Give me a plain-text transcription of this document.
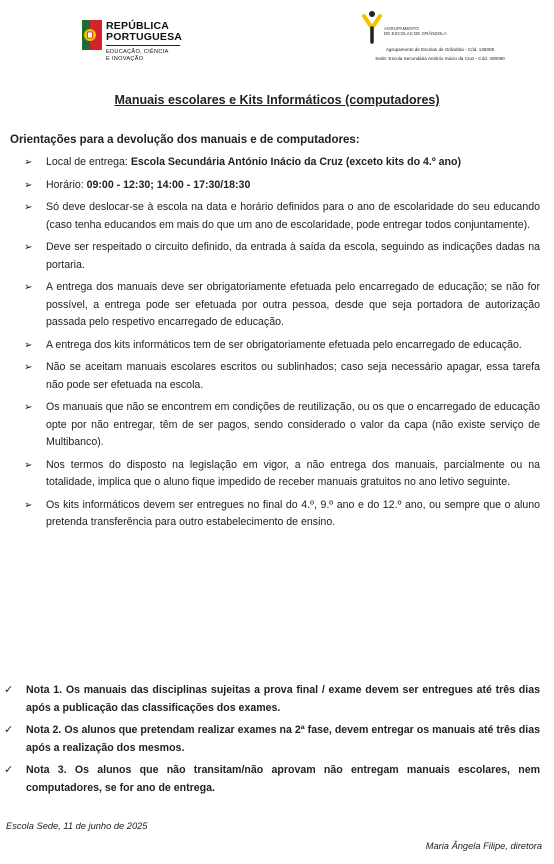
REPÚBLICA
PORTUGUESA
EDUCAÇÃO, CIÊNCIA
E INOVAÇÃO
AGRUPAMENTO
DE ESCOLAS DE GRÂNDOLA
Agrupamento de Escolas de Grândola - Cód. 135008
Sede: Escola Secundária António Inácio da Cruz - Cód. 400090
Manuais escolares e Kits Informáticos (computadores)
Orientações para a devolução dos manuais e de computadores:
➢	Local de entrega: Escola Secundária António Inácio da Cruz (exceto kits do 4.º ano)
➢	Horário: 09:00 - 12:30; 14:00 - 17:30/18:30
➢	Só deve deslocar-se à escola na data e horário definidos para o ano de escolaridade do seu educando (caso tenha educandos em mais do que um ano de escolaridade, pode entregar todos conjuntamente).
➢	Deve ser respeitado o circuito definido, da entrada à saída da escola, seguindo as indicações dadas na portaria.
➢	A entrega dos manuais deve ser obrigatoriamente efetuada pelo encarregado de educação; se não for possível, a entrega pode ser efetuada por outra pessoa, desde que seja portadora de autorização passada pelo respetivo encarregado de educação.
➢	A entrega dos kits informáticos tem de ser obrigatoriamente efetuada pelo encarregado de educação.
➢	Não se aceitam manuais escolares escritos ou sublinhados; caso seja necessário apagar, essa tarefa não pode ser efetuada na escola.
➢	Os manuais que não se encontrem em condições de reutilização, ou os que o encarregado de educação opte por não entregar, têm de ser pagos, sendo considerado o valor da capa (não existe serviço de Multibanco).
➢	Nos termos do disposto na legislação em vigor, a não entrega dos manuais, parcialmente ou na totalidade, implica que o aluno fique impedido de receber manuais gratuitos no ano letivo seguinte.
➢	Os kits informáticos devem ser entregues no final do 4.º, 9.º ano e do 12.º ano, ou sempre que o aluno pretenda transferência para outro estabelecimento de ensino.
✓ Nota 1. Os manuais das disciplinas sujeitas a prova final / exame devem ser entregues até três dias após a publicação das classificações dos exames.
✓ Nota 2. Os alunos que pretendam realizar exames na 2ª fase, devem entregar os manuais até três dias após a realização dos mesmos.
✓ Nota 3. Os alunos que não transitam/não aprovam não entregam manuais escolares, nem computadores, se for ano de entrega.
Escola Sede, 11 de junho de 2025
Maria Ângela Filipe, diretora
